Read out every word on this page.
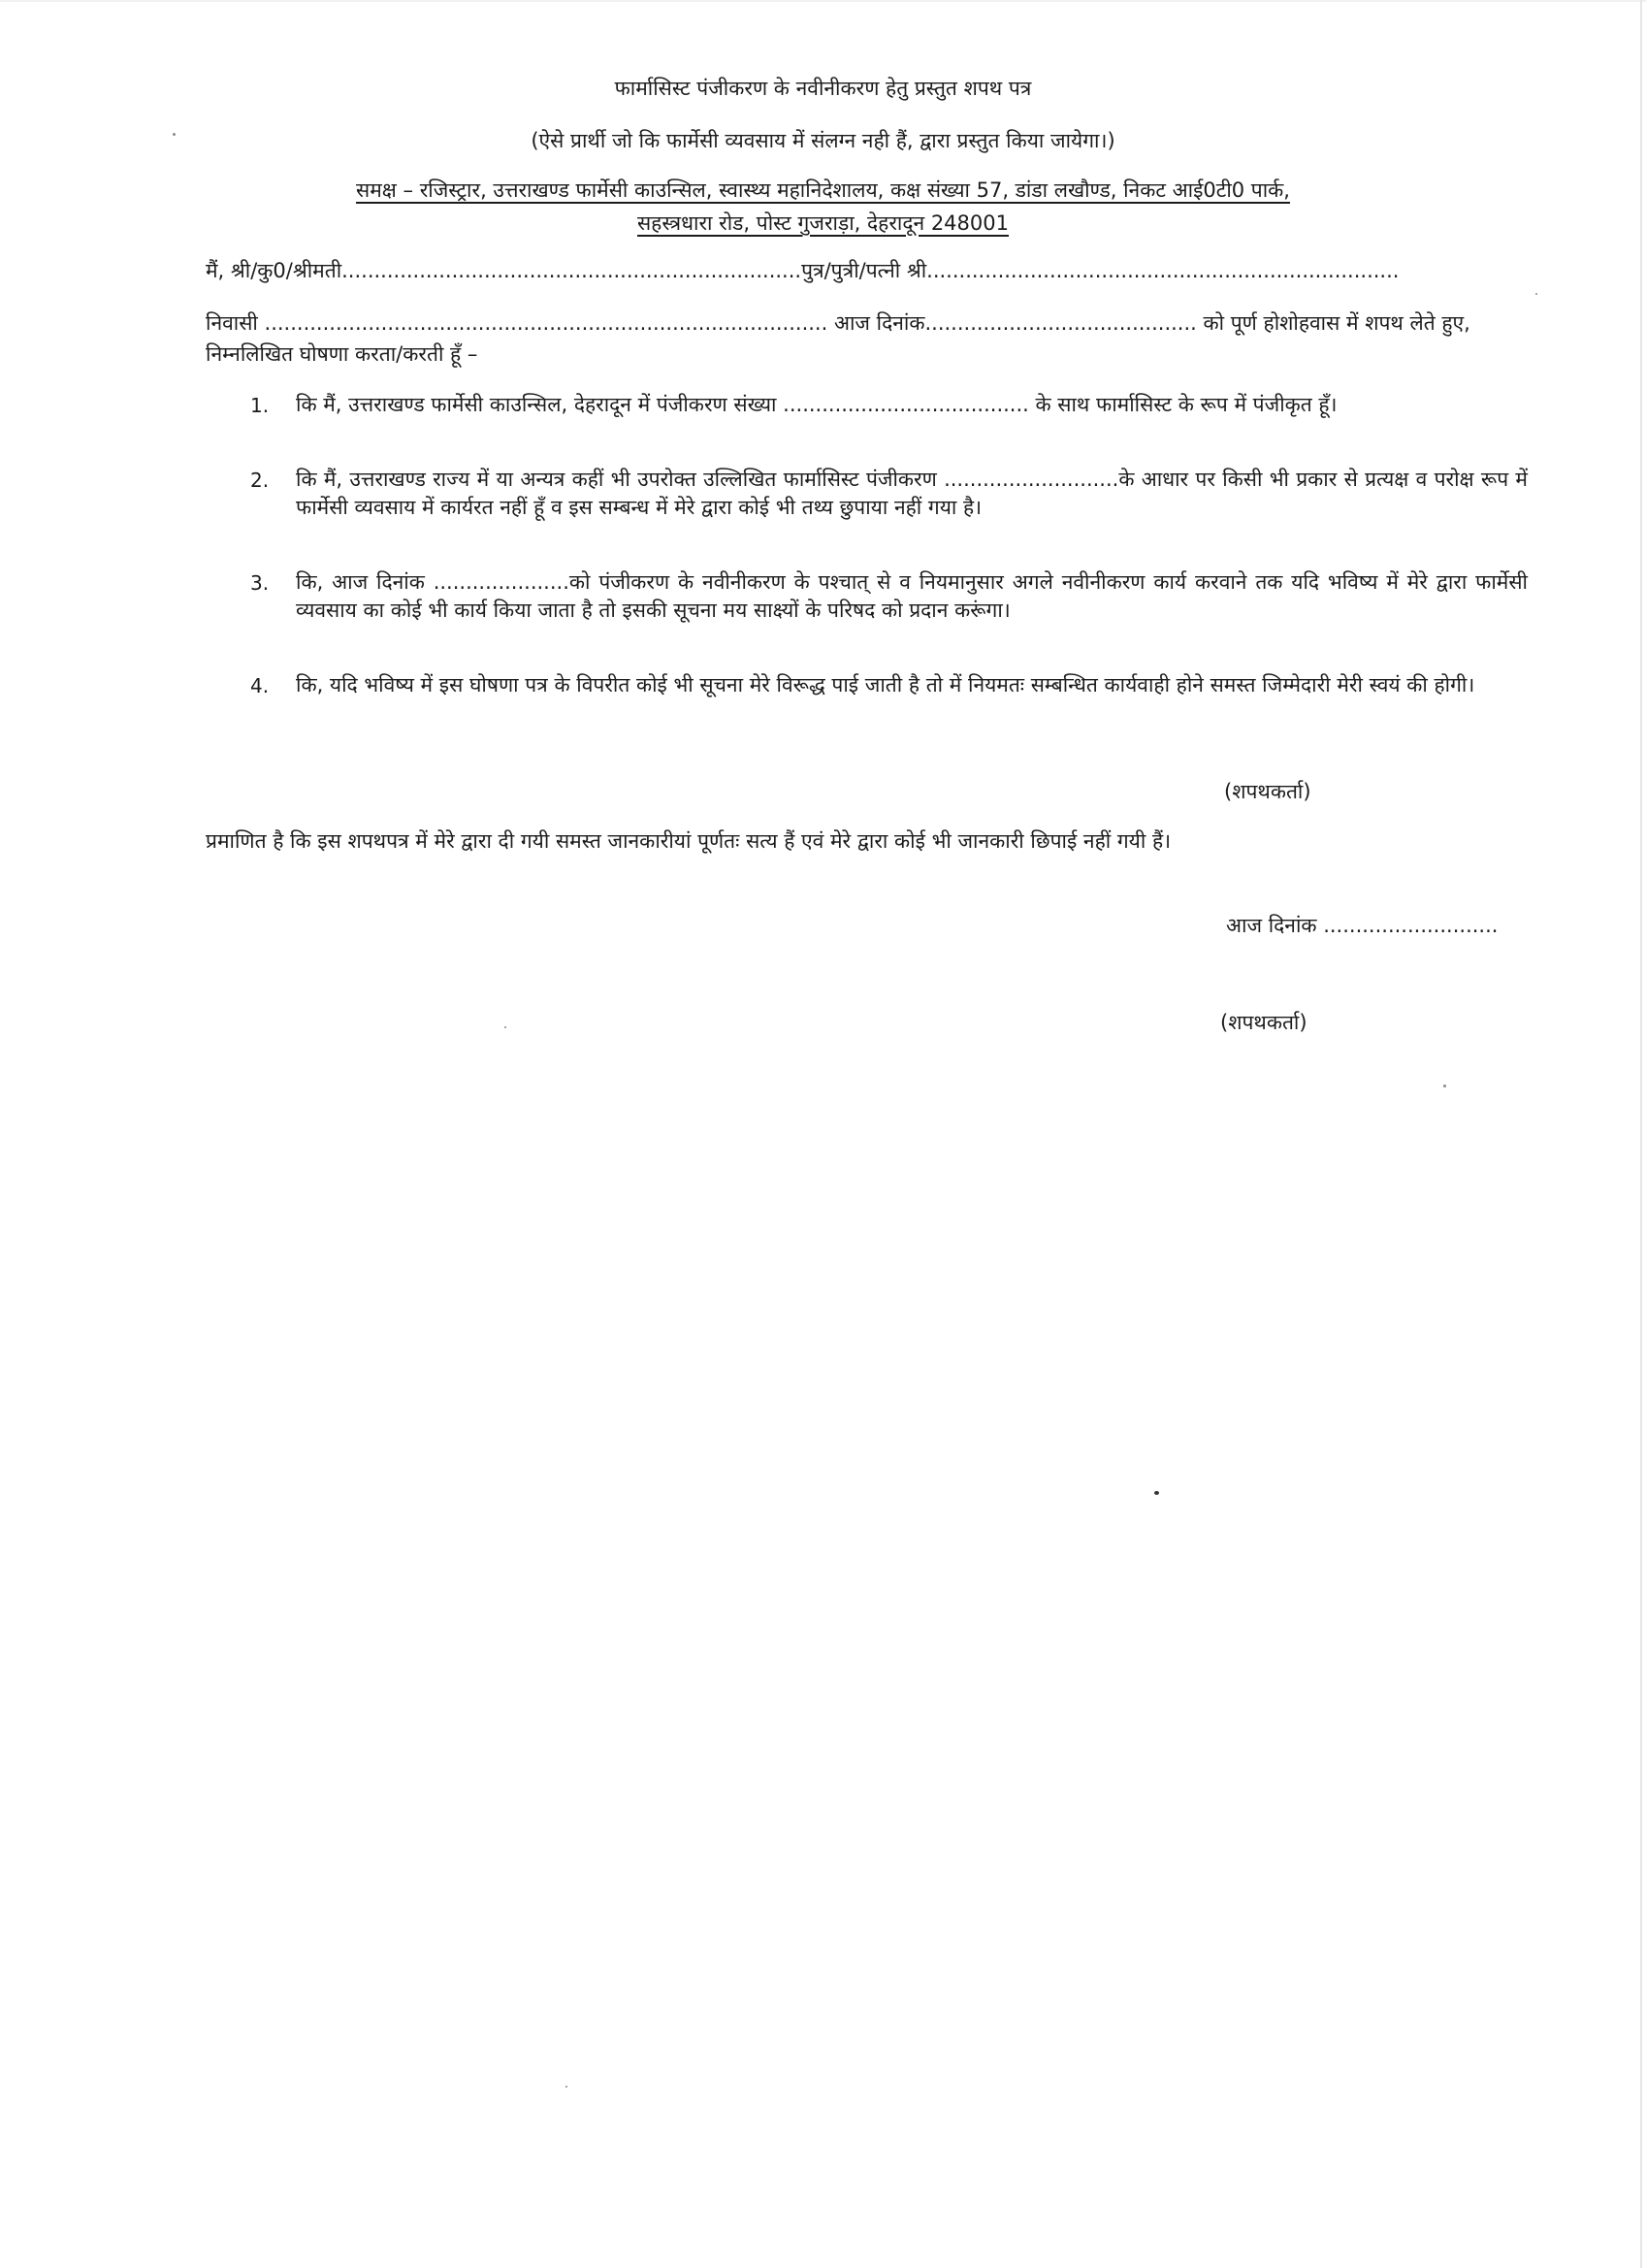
फार्मासिस्ट पंजीकरण के नवीनीकरण हेतु प्रस्तुत शपथ पत्र
(ऐसे प्रार्थी जो कि फार्मेसी व्यवसाय में संलग्न नही हैं, द्वारा प्रस्तुत किया जायेगा।)
समक्ष – रजिस्ट्रार, उत्तराखण्ड फार्मेसी काउन्सिल, स्वास्थ्य महानिदेशालय, कक्ष संख्या 57, डांडा लखौण्ड, निकट आई0टी0 पार्क,
सहस्त्रधारा रोड, पोस्ट गुजराड़ा, देहरादून 248001
मैं, श्री/कु0/श्रीमती.......................................................................पुत्र/पुत्री/पत्नी श्री.........................................................................
निवासी ....................................................................................... आज दिनांक.......................................... को पूर्ण होशोहवास में शपथ लेते हुए,
निम्नलिखित घोषणा करता/करती हूँ –
1. कि मैं, उत्तराखण्ड फार्मेसी काउन्सिल, देहरादून में पंजीकरण संख्या ...................................... के साथ फार्मासिस्ट के रूप में पंजीकृत हूँ।
2. कि मैं, उत्तराखण्ड राज्य में या अन्यत्र कहीं भी उपरोक्त उल्लिखित फार्मासिस्ट पंजीकरण ...........................के आधार पर किसी भी प्रकार से प्रत्यक्ष व परोक्ष रूप में फार्मेसी व्यवसाय में कार्यरत नहीं हूँ व इस सम्बन्ध में मेरे द्वारा कोई भी तथ्य छुपाया नहीं गया है।
3. कि, आज दिनांक .....................को पंजीकरण के नवीनीकरण के पश्चात् से व नियमानुसार अगले नवीनीकरण कार्य करवाने तक यदि भविष्य में मेरे द्वारा फार्मेसी व्यवसाय का कोई भी कार्य किया जाता है तो इसकी सूचना मय साक्ष्यों के परिषद को प्रदान करूंगा।
4. कि, यदि भविष्य में इस घोषणा पत्र के विपरीत कोई भी सूचना मेरे विरूद्ध पाई जाती है तो में नियमतः सम्बन्धित कार्यवाही होने समस्त जिम्मेदारी मेरी स्वयं की होगी।
(शपथकर्ता)
प्रमाणित है कि इस शपथपत्र में मेरे द्वारा दी गयी समस्त जानकारीयां पूर्णतः सत्य हैं एवं मेरे द्वारा कोई भी जानकारी छिपाई नहीं गयी हैं।
आज दिनांक ...........................
(शपथकर्ता)
